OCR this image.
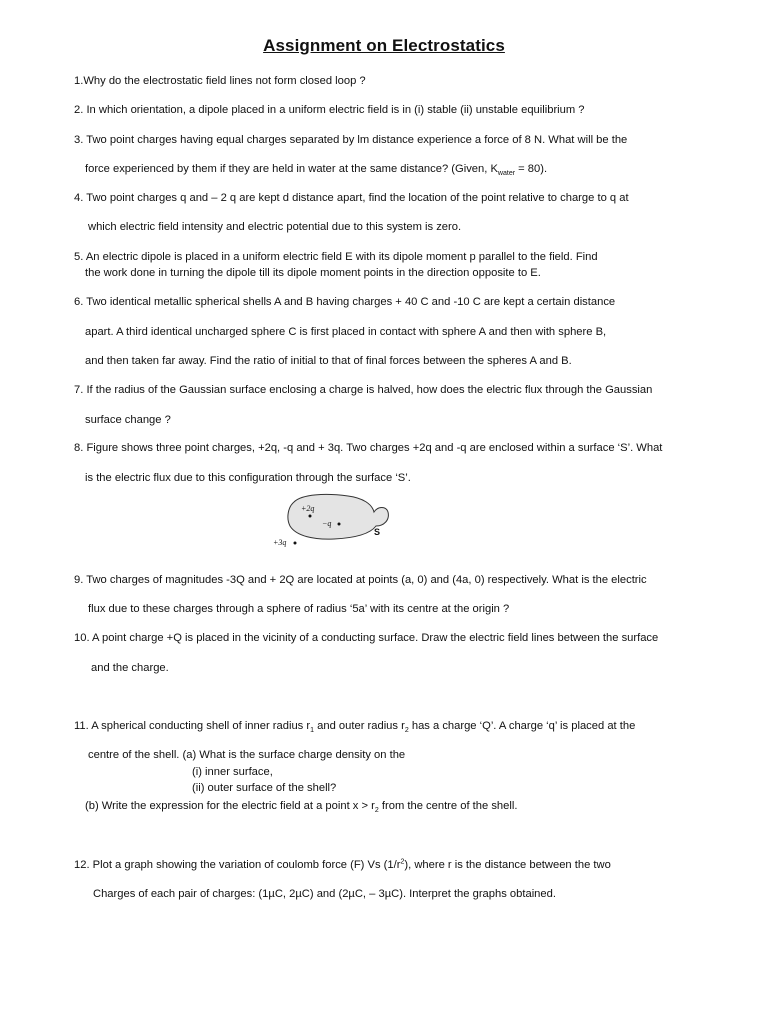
Assignment on Electrostatics
1.Why do the electrostatic field lines not form closed loop ?
2. In which orientation, a dipole placed in a uniform electric field is in (i) stable (ii) unstable equilibrium ?
3. Two point charges having equal charges separated by lm distance experience a force of 8 N. What will be the
force experienced by them if they are held in water at the same distance? (Given, $K_{water} = 80$).
4. Two point charges q and – 2 q are kept d distance apart, find the location of the point relative to charge to q at
which electric field intensity and electric potential due to this system is zero.
5. An electric dipole is placed in a uniform electric field E with its dipole moment p parallel to the field. Find
the work done in turning the dipole till its dipole moment points in the direction opposite to E.
6. Two identical metallic spherical shells A and B having charges + 40 C and -10 C are kept a certain distance
apart. A third identical uncharged sphere C is first placed in contact with sphere A and then with sphere B,
and then taken far away. Find the ratio of initial to that of final forces between the spheres A and B.
7. If the radius of the Gaussian surface enclosing a charge is halved, how does the electric flux through the Gaussian
surface change ?
8. Figure shows three point charges, +2q, -q and + 3q. Two charges +2q and -q are enclosed within a surface ‘S’. What
is the electric flux due to this configuration through the surface ‘S’.
+2q
−q
S
+3q
9. Two charges of magnitudes -3Q and + 2Q are located at points (a, 0) and (4a, 0) respectively. What is the electric
flux due to these charges through a sphere of radius ‘5a’ with its centre at the origin ?
10. A point charge +Q is placed in the vicinity of a conducting surface. Draw the electric field lines between the surface
and the charge.
11. A spherical conducting shell of inner radius $r_1$ and outer radius $r_2$ has a charge ‘Q’. A charge ‘q’ is placed at the
centre of the shell. (a) What is the surface charge density on the
(i) inner surface,
(ii) outer surface of the shell?
(b) Write the expression for the electric field at a point $x > r_2$ from the centre of the shell.
12. Plot a graph showing the variation of coulomb force (F) Vs $(1/r^2)$, where r is the distance between the two
Charges of each pair of charges: (1µC, 2µC) and (2µC, – 3µC). Interpret the graphs obtained.
